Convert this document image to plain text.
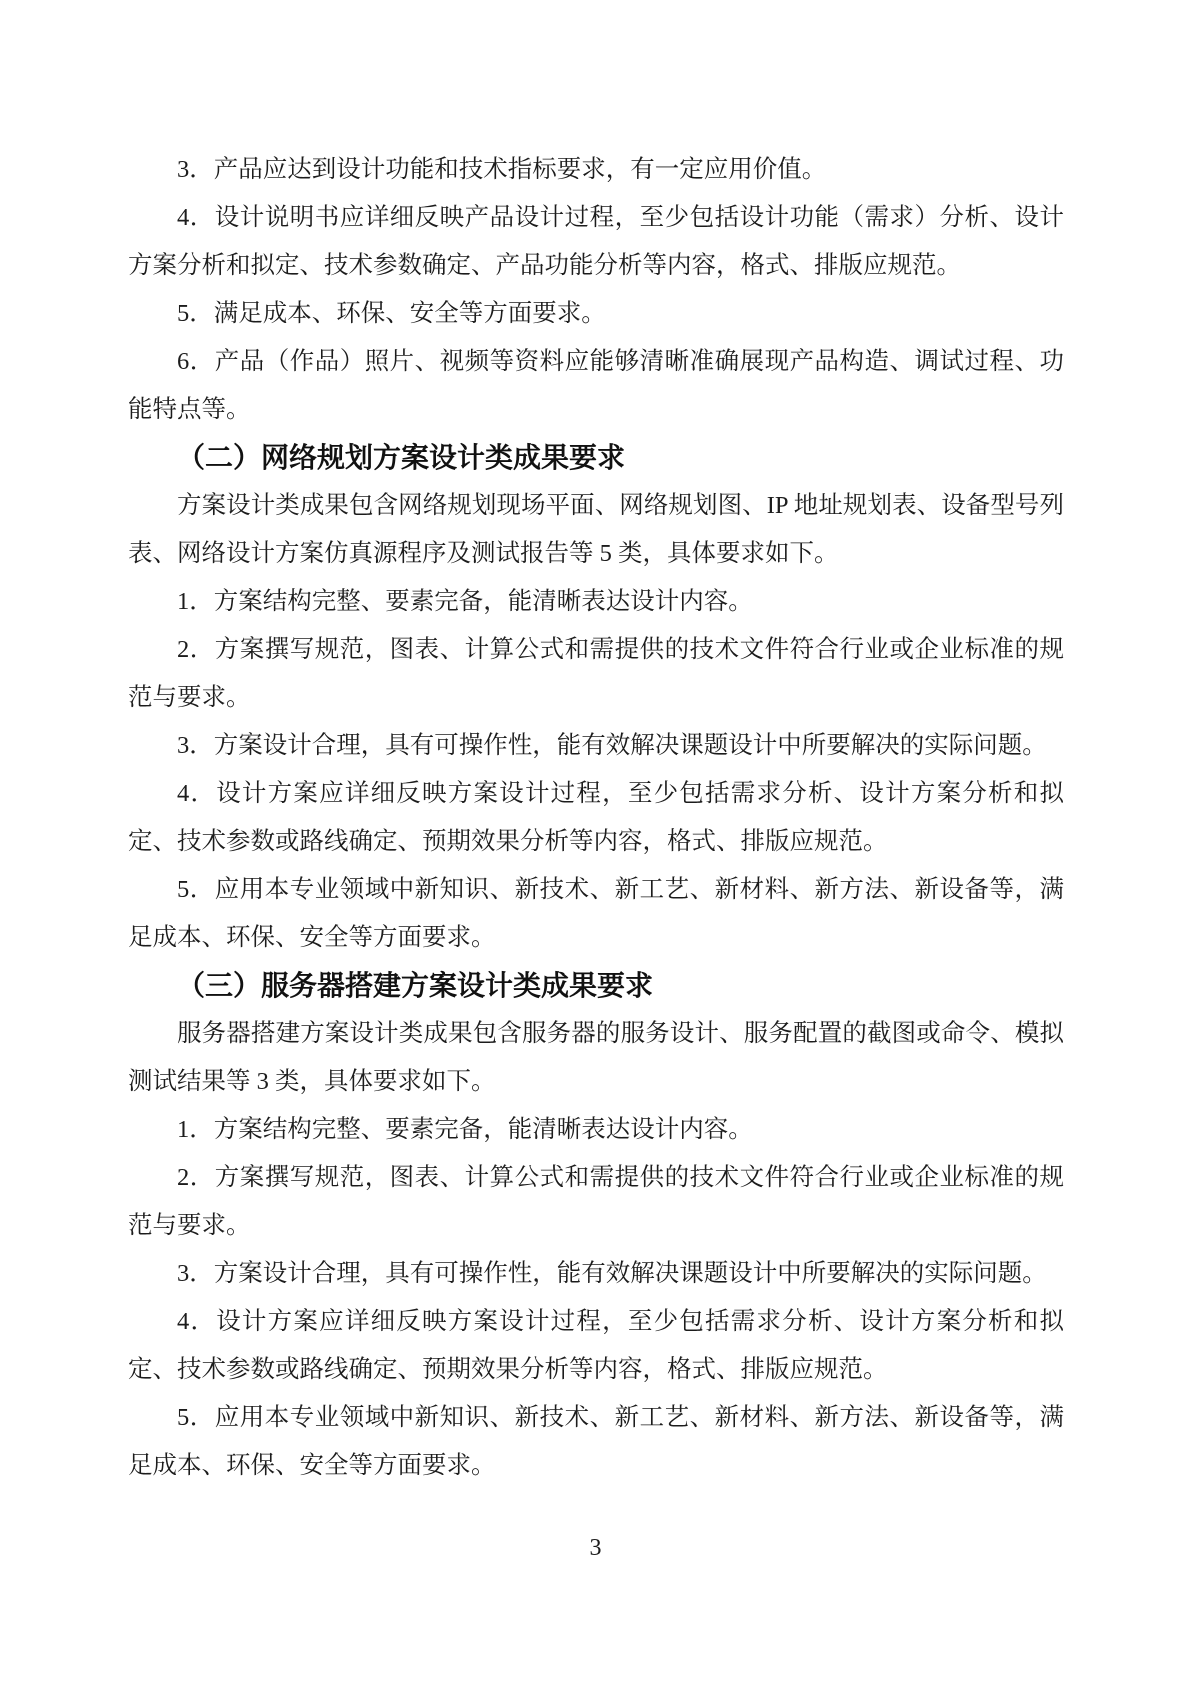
3．产品应达到设计功能和技术指标要求，有一定应用价值。

4．设计说明书应详细反映产品设计过程，至少包括设计功能（需求）分析、设计方案分析和拟定、技术参数确定、产品功能分析等内容，格式、排版应规范。

5．满足成本、环保、安全等方面要求。

6．产品（作品）照片、视频等资料应能够清晰准确展现产品构造、调试过程、功能特点等。

（二）网络规划方案设计类成果要求

方案设计类成果包含网络规划现场平面、网络规划图、IP 地址规划表、设备型号列表、网络设计方案仿真源程序及测试报告等 5 类，具体要求如下。

1．方案结构完整、要素完备，能清晰表达设计内容。

2．方案撰写规范，图表、计算公式和需提供的技术文件符合行业或企业标准的规范与要求。

3．方案设计合理，具有可操作性，能有效解决课题设计中所要解决的实际问题。

4．设计方案应详细反映方案设计过程，至少包括需求分析、设计方案分析和拟定、技术参数或路线确定、预期效果分析等内容，格式、排版应规范。

5．应用本专业领域中新知识、新技术、新工艺、新材料、新方法、新设备等，满足成本、环保、安全等方面要求。

（三）服务器搭建方案设计类成果要求

服务器搭建方案设计类成果包含服务器的服务设计、服务配置的截图或命令、模拟测试结果等 3 类，具体要求如下。

1．方案结构完整、要素完备，能清晰表达设计内容。

2．方案撰写规范，图表、计算公式和需提供的技术文件符合行业或企业标准的规范与要求。

3．方案设计合理，具有可操作性，能有效解决课题设计中所要解决的实际问题。

4．设计方案应详细反映方案设计过程，至少包括需求分析、设计方案分析和拟定、技术参数或路线确定、预期效果分析等内容，格式、排版应规范。

5．应用本专业领域中新知识、新技术、新工艺、新材料、新方法、新设备等，满足成本、环保、安全等方面要求。

3
